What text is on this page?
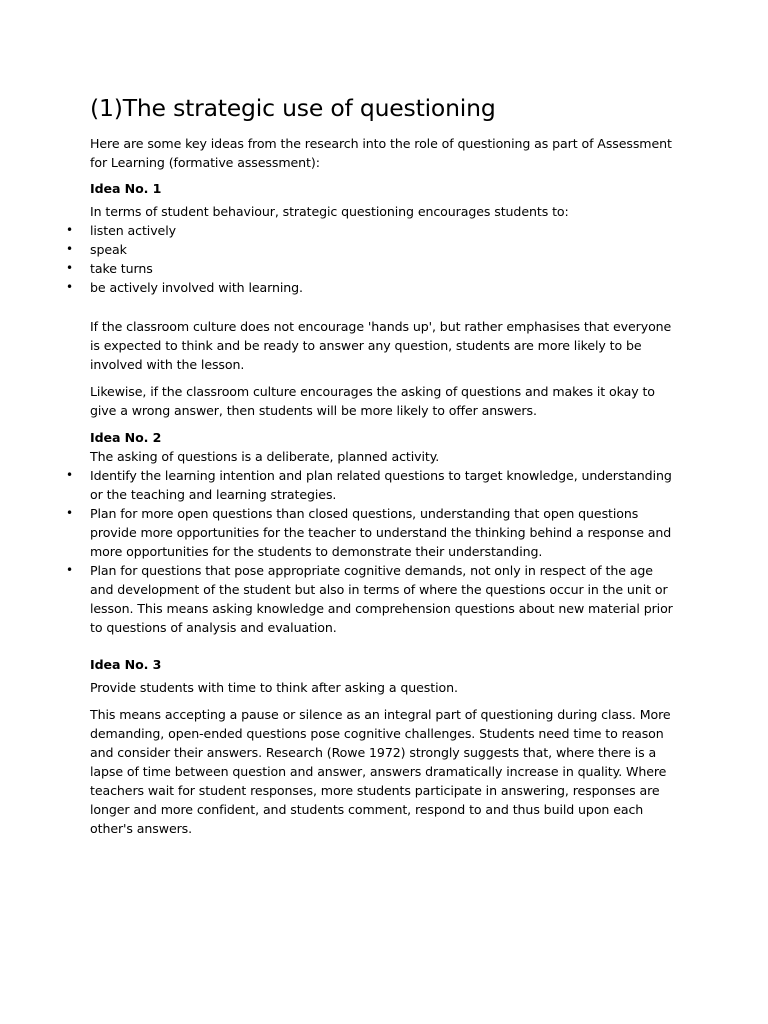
(1)The strategic use of questioning

Here are some key ideas from the research into the role of questioning as part of Assessment for Learning (formative assessment):

Idea No. 1

In terms of student behaviour, strategic questioning encourages students to:

• listen actively
• speak
• take turns
• be actively involved with learning.

If the classroom culture does not encourage 'hands up', but rather emphasises that everyone is expected to think and be ready to answer any question, students are more likely to be involved with the lesson.

Likewise, if the classroom culture encourages the asking of questions and makes it okay to give a wrong answer, then students will be more likely to offer answers.

Idea No. 2

The asking of questions is a deliberate, planned activity.

• Identify the learning intention and plan related questions to target knowledge, understanding or the teaching and learning strategies.
• Plan for more open questions than closed questions, understanding that open questions provide more opportunities for the teacher to understand the thinking behind a response and more opportunities for the students to demonstrate their understanding.
• Plan for questions that pose appropriate cognitive demands, not only in respect of the age and development of the student but also in terms of where the questions occur in the unit or lesson. This means asking knowledge and comprehension questions about new material prior to questions of analysis and evaluation.

Idea No. 3

Provide students with time to think after asking a question.

This means accepting a pause or silence as an integral part of questioning during class. More demanding, open-ended questions pose cognitive challenges. Students need time to reason and consider their answers. Research (Rowe 1972) strongly suggests that, where there is a lapse of time between question and answer, answers dramatically increase in quality. Where teachers wait for student responses, more students participate in answering, responses are longer and more confident, and students comment, respond to and thus build upon each other's answers.
